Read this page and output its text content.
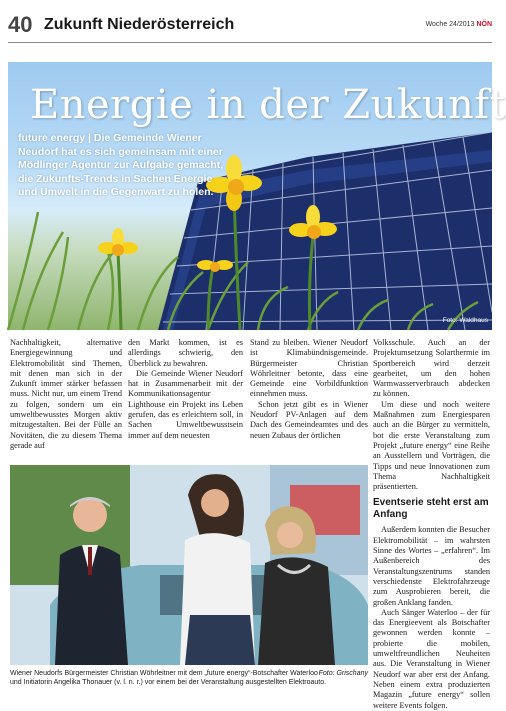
40 Zukunft Niederösterreich	Woche 24/2013 NÖN
Energie in der Zukunft
future energy | Die Gemeinde Wiener Neudorf hat es sich gemeinsam mit einer Mödlinger Agentur zur Aufgabe gemacht, die Zukunfts-Trends in Sachen Energie und Umwelt in die Gegenwart zu holen.
Foto: Waldhaus

Nachhaltigkeit, alternative Energiegewinnung und Elektromobilität sind Themen, mit denen man sich in der Zukunft immer stärker befassen muss. Nicht nur, um einem Trend zu folgen, sondern um ein umweltbewusstes Morgen aktiv mitzugestalten. Bei der Fülle an Novitäten, die zu diesem Thema gerade auf

den Markt kommen, ist es allerdings schwierig, den Überblick zu bewahren.

Die Gemeinde Wiener Neudorf hat in Zusammenarbeit mit der Kommunikationsagentur Lighthouse ein Projekt ins Leben gerufen, das es erleichtern soll, in Sachen Umweltbewusstsein immer auf dem neuesten

Stand zu bleiben. Wiener Neudorf ist Klimabündnisgemeinde. Bürgermeister Christian Wöhrleitner betonte, dass eine Gemeinde eine Vorbildfunktion einnehmen muss.

Schon jetzt gibt es in Wiener Neudorf PV-Anlagen auf dem Dach des Gemeindeamtes und des neuen Zubaus der örtlichen

Volksschule. Auch an der Projektumsetzung Solarthermie im Sportbereich wird derzeit gearbeitet, um den hohen Warmwasserverbrauch abdecken zu können.

Um diese und noch weitere Maßnahmen zum Energiesparen auch an die Bürger zu vermitteln, bot die erste Veranstaltung zum Projekt „future energy“ eine Reihe an Ausstellern und Vorträgen, die Tipps und neue Innovationen zum Thema Nachhaltigkeit präsentierten.

Eventserie steht erst am Anfang

Außerdem konnten die Besucher Elektromobilität – im wahrsten Sinne des Wortes – „erfahren“. Im Außenbereich des Veranstaltungszentrums standen verschiedenste Elektrofahrzeuge zum Ausprobieren bereit, die großen Anklang fanden.

Auch Sänger Waterloo – der für das Energieevent als Botschafter gewonnen werden konnte – probierte die mobilen, umweltfreundlichen Neuheiten aus. Die Veranstaltung in Wiener Neudorf war aber erst der Anfang. Neben einem extra produzierten Magazin „future energy“ sollen weitere Events folgen.

Foto: Grischany
Wiener Neudorfs Bürgermeister Christian Wöhrleitner mit dem „future energy“-Botschafter Waterloo und Initiatorin Angelika Thonauer (v. l. n. r.) vor einem bei der Veranstaltung ausgestellten Elektroauto.
